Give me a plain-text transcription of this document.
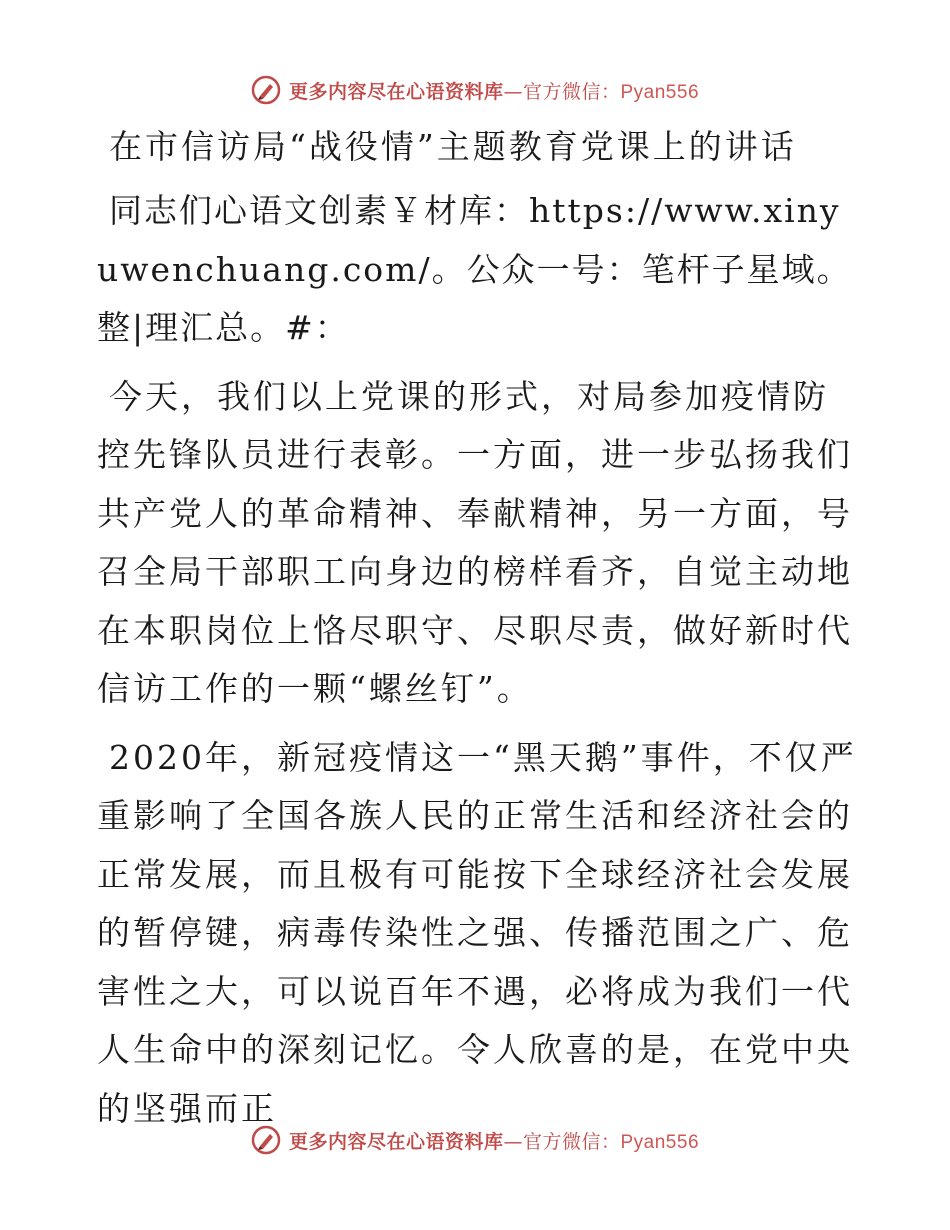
更多内容尽在心语资料库—官方微信：Pyan556
在市信访局“战役情”主题教育党课上的讲话

同志们心语文创素￥材库：https://www.xinyuwenchuang.com/。公众一号：笔杆子星域。整|理汇总。#：

今天，我们以上党课的形式，对局参加疫情防控先锋队员进行表彰。一方面，进一步弘扬我们共产党人的革命精神、奉献精神，另一方面，号召全局干部职工向身边的榜样看齐，自觉主动地在本职岗位上恪尽职守、尽职尽责，做好新时代信访工作的一颗“螺丝钉”。

2020年，新冠疫情这一“黑天鹅”事件，不仅严重影响了全国各族人民的正常生活和经济社会的正常发展，而且极有可能按下全球经济社会发展的暂停键，病毒传染性之强、传播范围之广、危害性之大，可以说百年不遇，必将成为我们一代人生命中的深刻记忆。令人欣喜的是，在党中央的坚强而正

更多内容尽在心语资料库—官方微信：Pyan556
